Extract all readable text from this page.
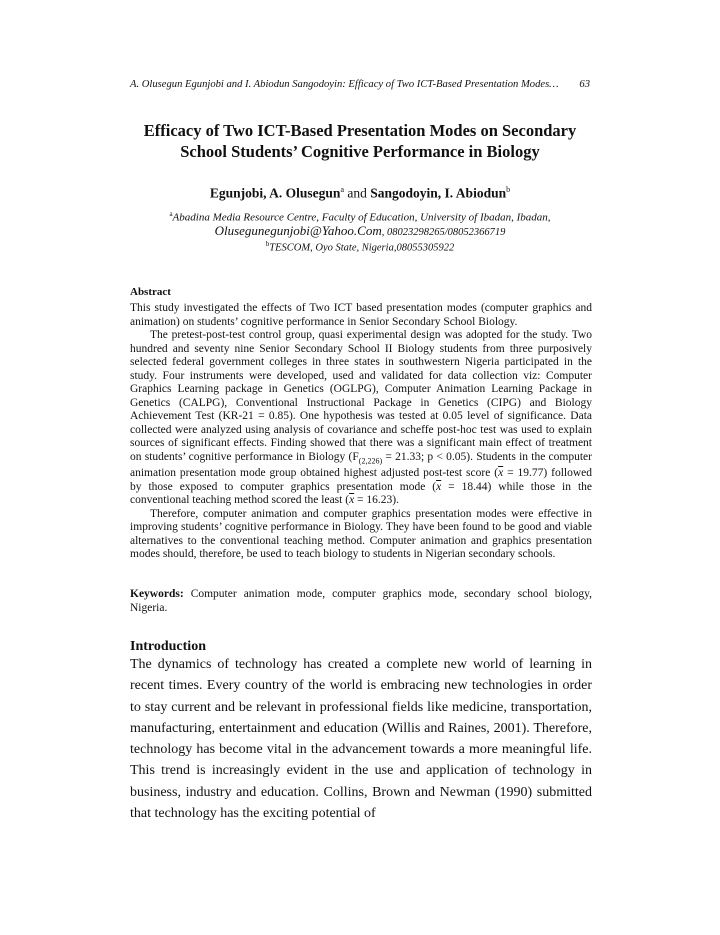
A. Olusegun Egunjobi and I. Abiodun Sangodoyin: Efficacy of Two ICT-Based Presentation Modes… 63
Efficacy of Two ICT-Based Presentation Modes on Secondary
School Students’ Cognitive Performance in Biology
Egunjobi, A. Olusegun$^a$ and Sangodoyin, I. Abiodun$^b$
$^a$Abadina Media Resource Centre, Faculty of Education, University of Ibadan, Ibadan,
Olusegunegunjobi@Yahoo.Com, 08023298265/08052366719
$^b$TESCOM, Oyo State, Nigeria,08055305922
Abstract

This study investigated the effects of Two ICT based presentation modes (computer graphics and animation) on students’ cognitive performance in Senior Secondary School Biology.

The pretest-post-test control group, quasi experimental design was adopted for the study. Two hundred and seventy nine Senior Secondary School II Biology students from three purposively selected federal government colleges in three states in southwestern Nigeria participated in the study. Four instruments were developed, used and validated for data collection viz: Computer Graphics Learning package in Genetics (OGLPG), Computer Animation Learning Package in Genetics (CALPG), Conventional Instructional Package in Genetics (CIPG) and Biology Achievement Test (KR-21 = 0.85). One hypothesis was tested at 0.05 level of significance. Data collected were analyzed using analysis of covariance and scheffe post-hoc test was used to explain sources of significant effects. Finding showed that there was a significant main effect of treatment on students’ cognitive performance in Biology ($F_{(2,226)} = 21.33$; p < 0.05). Students in the computer animation presentation mode group obtained highest adjusted post-test score $(\overline{x} = 19.77)$ followed by those exposed to computer graphics presentation mode $(\overline{x} = 18.44)$ while those in the conventional teaching method scored the least $(\overline{x} = 16.23)$.

Therefore, computer animation and computer graphics presentation modes were effective in improving students’ cognitive performance in Biology. They have been found to be good and viable alternatives to the conventional teaching method. Computer animation and graphics presentation modes should, therefore, be used to teach biology to students in Nigerian secondary schools.

Keywords: Computer animation mode, computer graphics mode, secondary school biology, Nigeria.
Introduction

The dynamics of technology has created a complete new world of learning in recent times. Every country of the world is embracing new technologies in order to stay current and be relevant in professional fields like medicine, transportation, manufacturing, entertainment and education (Willis and Raines, 2001). Therefore, technology has become vital in the advancement towards a more meaningful life. This trend is increasingly evident in the use and application of technology in business, industry and education. Collins, Brown and Newman (1990) submitted that technology has the exciting potential of
